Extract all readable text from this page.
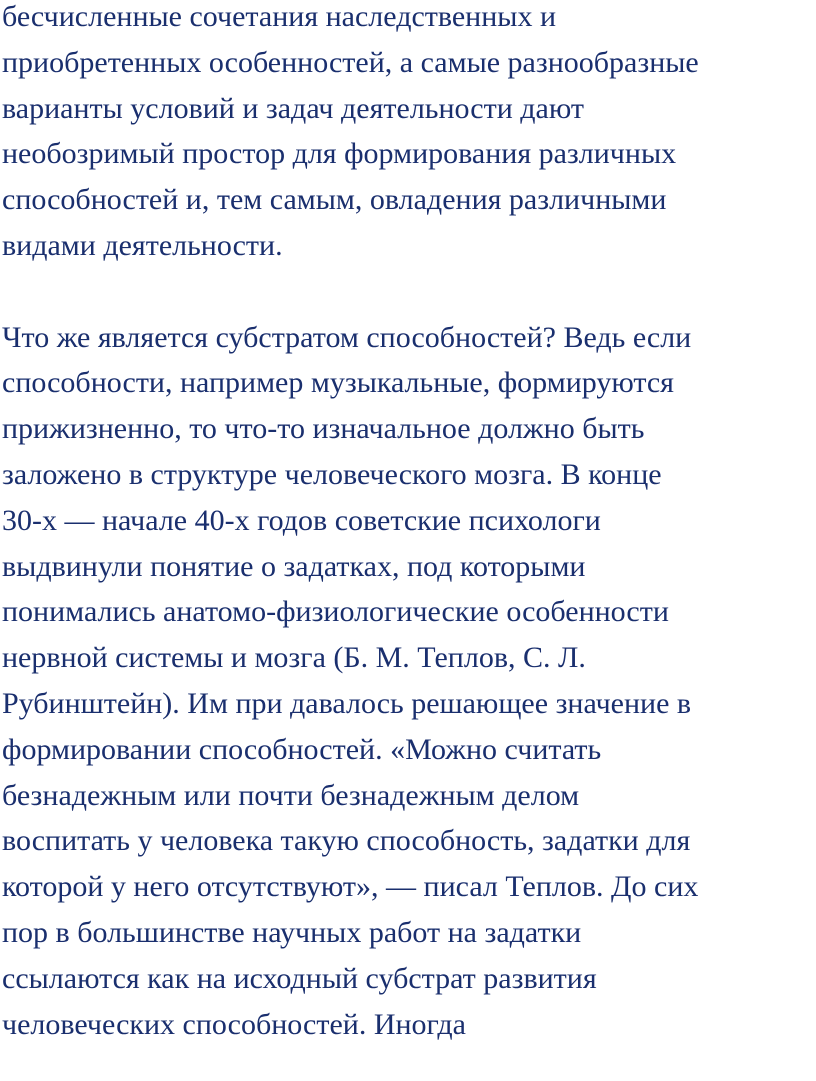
бесчисленные сочетания наследственных и
приобретенных особенностей, а самые разнообразные
варианты условий и задач деятельности дают
необозримый простор для формирования различных
способностей и, тем самым, овладения различными
видами деятельности.
Что же является субстратом способностей? Ведь если
способности, например музыкальные, формируются
прижизненно, то что-то изначальное должно быть
заложено в структуре человеческого мозга. В конце
30-х — начале 40-х годов советские психологи
выдвинули понятие о задатках, под которыми
понимались анатомо-физиологические особенности
нервной системы и мозга (Б. М. Теплов, С. Л.
Рубинштейн). Им при давалось решающее значение в
формировании способностей. «Можно считать
безнадежным или почти безнадежным делом
воспитать у человека такую способность, задатки для
которой у него отсутствуют», — писал Теплов. До сих
пор в большинстве научных работ на задатки
ссылаются как на исходный субстрат развития
человеческих способностей. Иногда
